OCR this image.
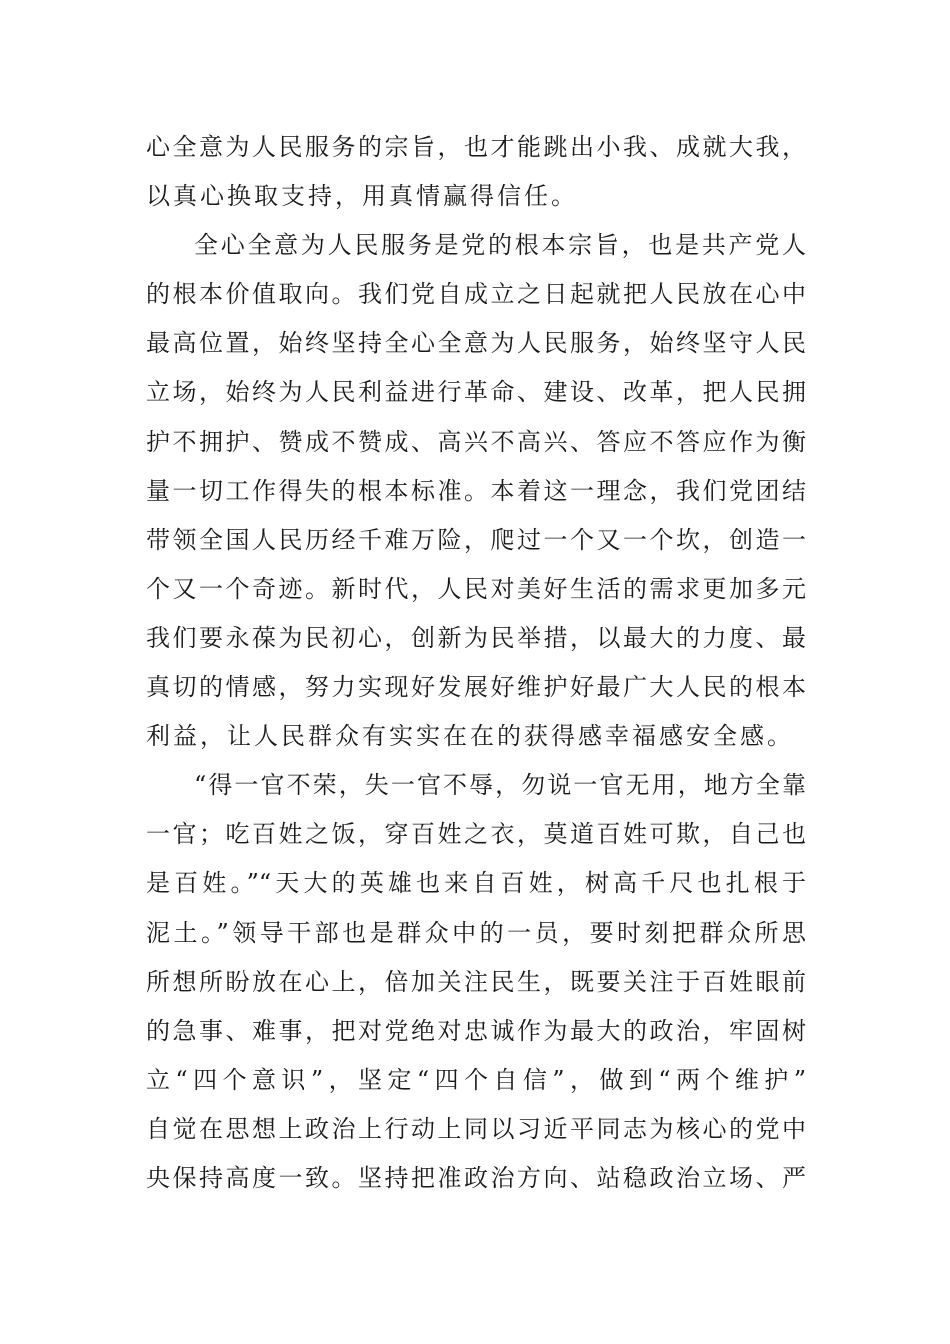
心全意为人民服务的宗旨，也才能跳出小我、成就大我，
以真心换取支持，用真情赢得信任。
全心全意为人民服务是党的根本宗旨，也是共产党人
的根本价值取向。我们党自成立之日起就把人民放在心中
最高位置，始终坚持全心全意为人民服务，始终坚守人民
立场，始终为人民利益进行革命、建设、改革，把人民拥
护不拥护、赞成不赞成、高兴不高兴、答应不答应作为衡
量一切工作得失的根本标准。本着这一理念，我们党团结
带领全国人民历经千难万险，爬过一个又一个坎，创造一
个又一个奇迹。新时代，人民对美好生活的需求更加多元
我们要永葆为民初心，创新为民举措，以最大的力度、最
真切的情感，努力实现好发展好维护好最广大人民的根本
利益，让人民群众有实实在在的获得感幸福感安全感。
“得一官不荣，失一官不辱，勿说一官无用，地方全靠
一官；吃百姓之饭，穿百姓之衣，莫道百姓可欺，自己也
是百姓。”“天大的英雄也来自百姓，树高千尺也扎根于
泥土。”领导干部也是群众中的一员，要时刻把群众所思
所想所盼放在心上，倍加关注民生，既要关注于百姓眼前
的急事、难事，把对党绝对忠诚作为最大的政治，牢固树
立“四个意识”，坚定“四个自信”，做到“两个维护”
自觉在思想上政治上行动上同以习近平同志为核心的党中
央保持高度一致。坚持把准政治方向、站稳政治立场、严
